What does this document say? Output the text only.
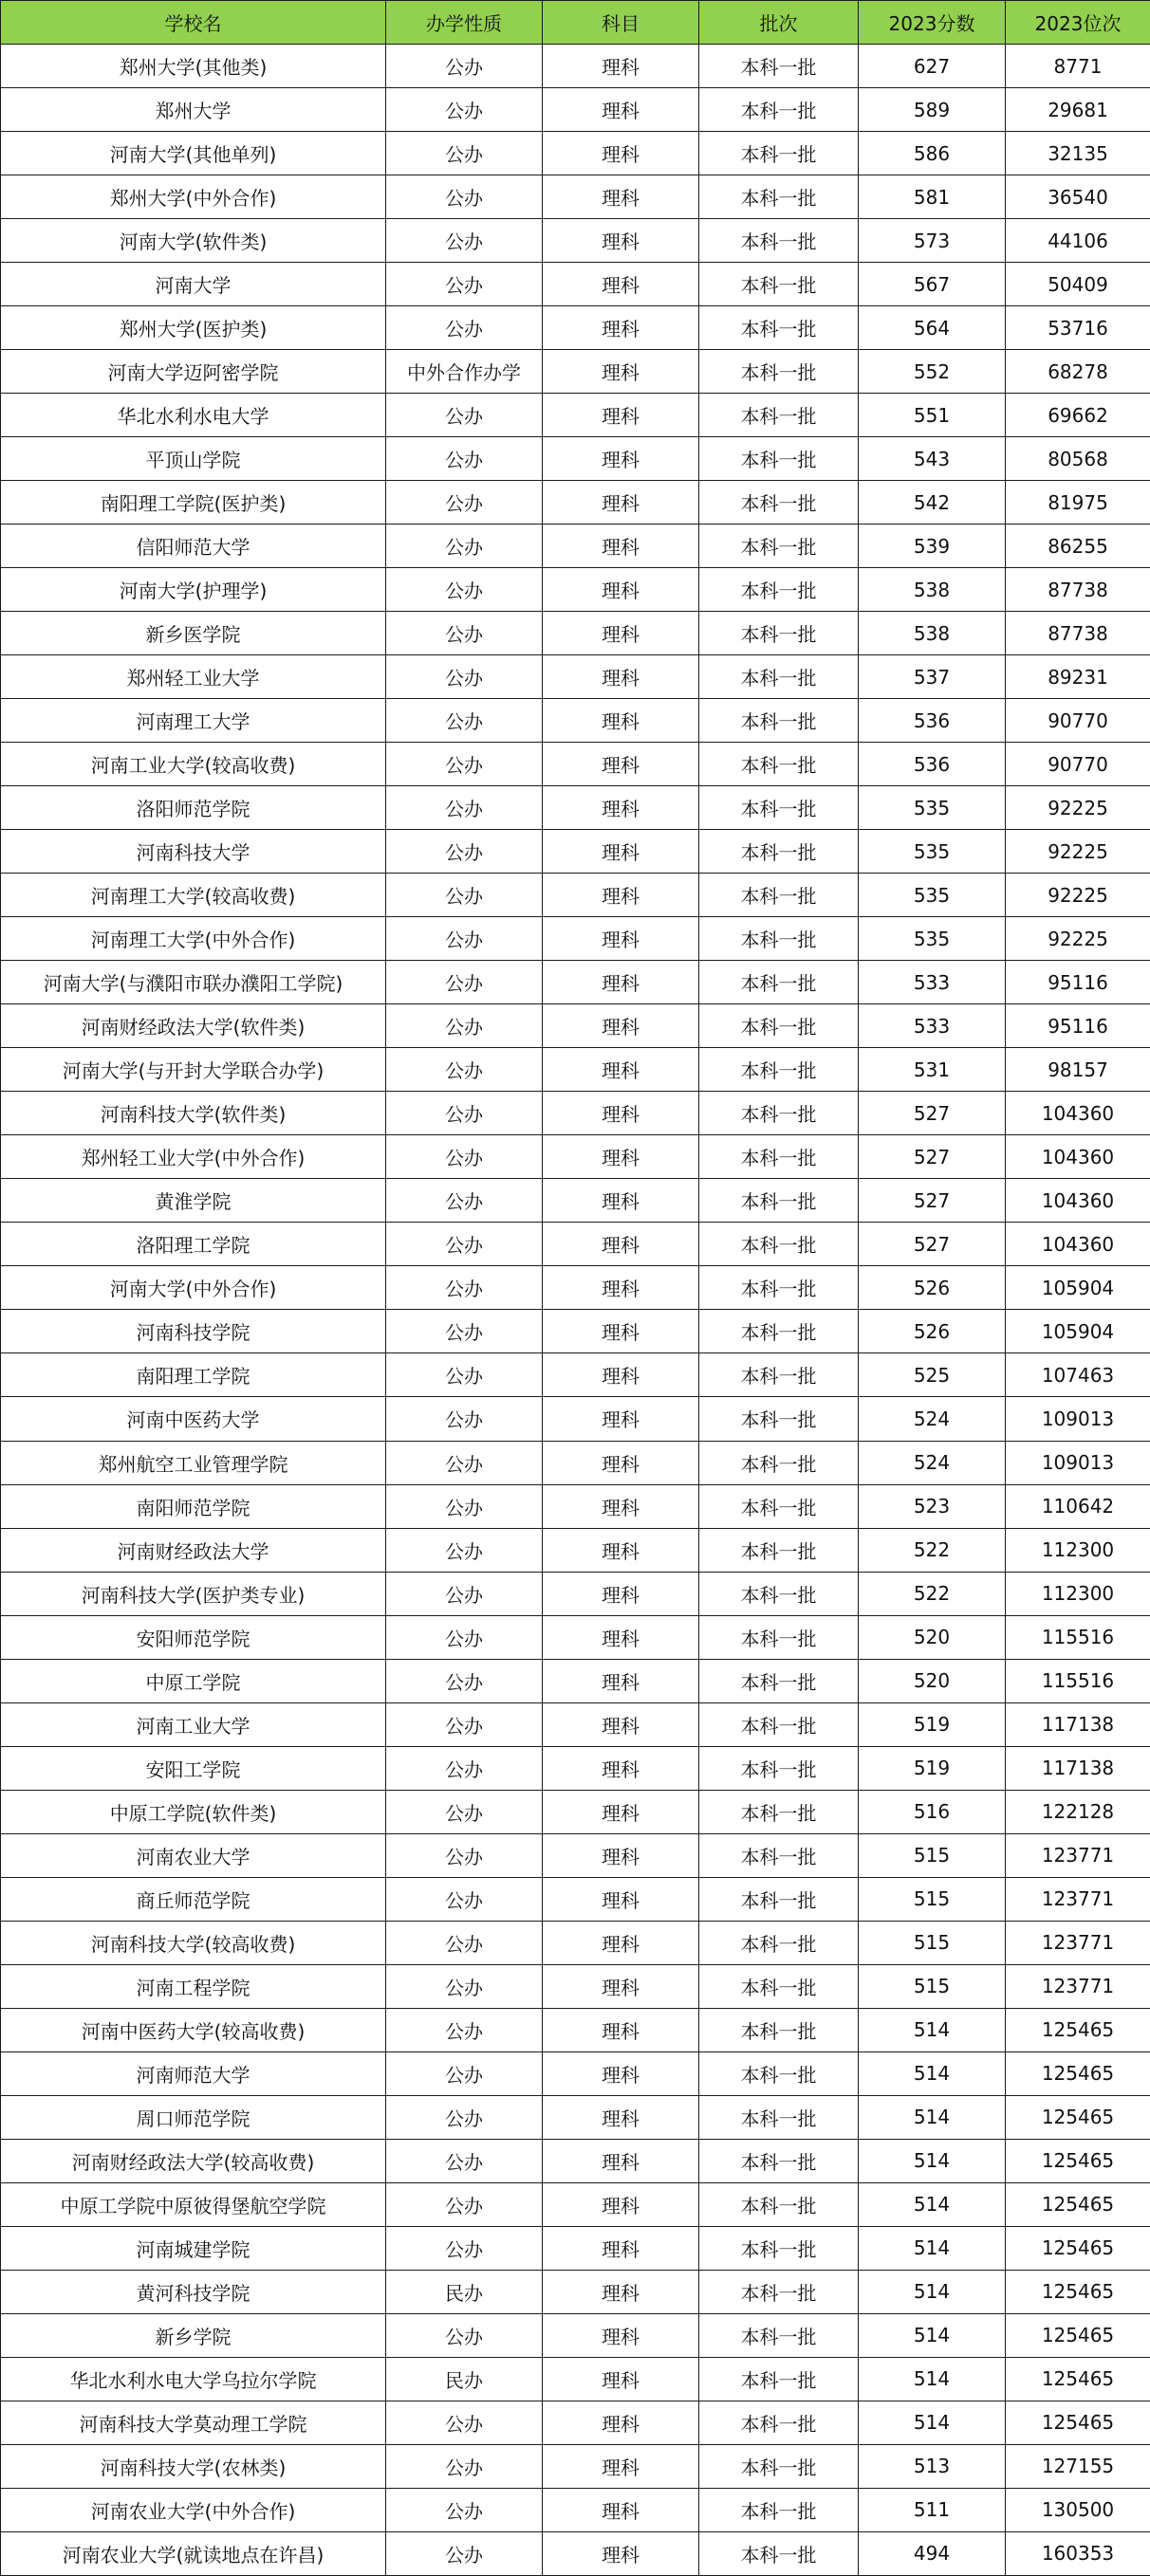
学校名	办学性质	科目	批次	2023分数	2023位次
郑州大学(其他类)	公办	理科	本科一批	627	8771
郑州大学	公办	理科	本科一批	589	29681
河南大学(其他单列)	公办	理科	本科一批	586	32135
郑州大学(中外合作)	公办	理科	本科一批	581	36540
河南大学(软件类)	公办	理科	本科一批	573	44106
河南大学	公办	理科	本科一批	567	50409
郑州大学(医护类)	公办	理科	本科一批	564	53716
河南大学迈阿密学院	中外合作办学	理科	本科一批	552	68278
华北水利水电大学	公办	理科	本科一批	551	69662
平顶山学院	公办	理科	本科一批	543	80568
南阳理工学院(医护类)	公办	理科	本科一批	542	81975
信阳师范大学	公办	理科	本科一批	539	86255
河南大学(护理学)	公办	理科	本科一批	538	87738
新乡医学院	公办	理科	本科一批	538	87738
郑州轻工业大学	公办	理科	本科一批	537	89231
河南理工大学	公办	理科	本科一批	536	90770
河南工业大学(较高收费)	公办	理科	本科一批	536	90770
洛阳师范学院	公办	理科	本科一批	535	92225
河南科技大学	公办	理科	本科一批	535	92225
河南理工大学(较高收费)	公办	理科	本科一批	535	92225
河南理工大学(中外合作)	公办	理科	本科一批	535	92225
河南大学(与濮阳市联办濮阳工学院)	公办	理科	本科一批	533	95116
河南财经政法大学(软件类)	公办	理科	本科一批	533	95116
河南大学(与开封大学联合办学)	公办	理科	本科一批	531	98157
河南科技大学(软件类)	公办	理科	本科一批	527	104360
郑州轻工业大学(中外合作)	公办	理科	本科一批	527	104360
黄淮学院	公办	理科	本科一批	527	104360
洛阳理工学院	公办	理科	本科一批	527	104360
河南大学(中外合作)	公办	理科	本科一批	526	105904
河南科技学院	公办	理科	本科一批	526	105904
南阳理工学院	公办	理科	本科一批	525	107463
河南中医药大学	公办	理科	本科一批	524	109013
郑州航空工业管理学院	公办	理科	本科一批	524	109013
南阳师范学院	公办	理科	本科一批	523	110642
河南财经政法大学	公办	理科	本科一批	522	112300
河南科技大学(医护类专业)	公办	理科	本科一批	522	112300
安阳师范学院	公办	理科	本科一批	520	115516
中原工学院	公办	理科	本科一批	520	115516
河南工业大学	公办	理科	本科一批	519	117138
安阳工学院	公办	理科	本科一批	519	117138
中原工学院(软件类)	公办	理科	本科一批	516	122128
河南农业大学	公办	理科	本科一批	515	123771
商丘师范学院	公办	理科	本科一批	515	123771
河南科技大学(较高收费)	公办	理科	本科一批	515	123771
河南工程学院	公办	理科	本科一批	515	123771
河南中医药大学(较高收费)	公办	理科	本科一批	514	125465
河南师范大学	公办	理科	本科一批	514	125465
周口师范学院	公办	理科	本科一批	514	125465
河南财经政法大学(较高收费)	公办	理科	本科一批	514	125465
中原工学院中原彼得堡航空学院	公办	理科	本科一批	514	125465
河南城建学院	公办	理科	本科一批	514	125465
黄河科技学院	民办	理科	本科一批	514	125465
新乡学院	公办	理科	本科一批	514	125465
华北水利水电大学乌拉尔学院	民办	理科	本科一批	514	125465
河南科技大学莫动理工学院	公办	理科	本科一批	514	125465
河南科技大学(农林类)	公办	理科	本科一批	513	127155
河南农业大学(中外合作)	公办	理科	本科一批	511	130500
河南农业大学(就读地点在许昌)	公办	理科	本科一批	494	160353
